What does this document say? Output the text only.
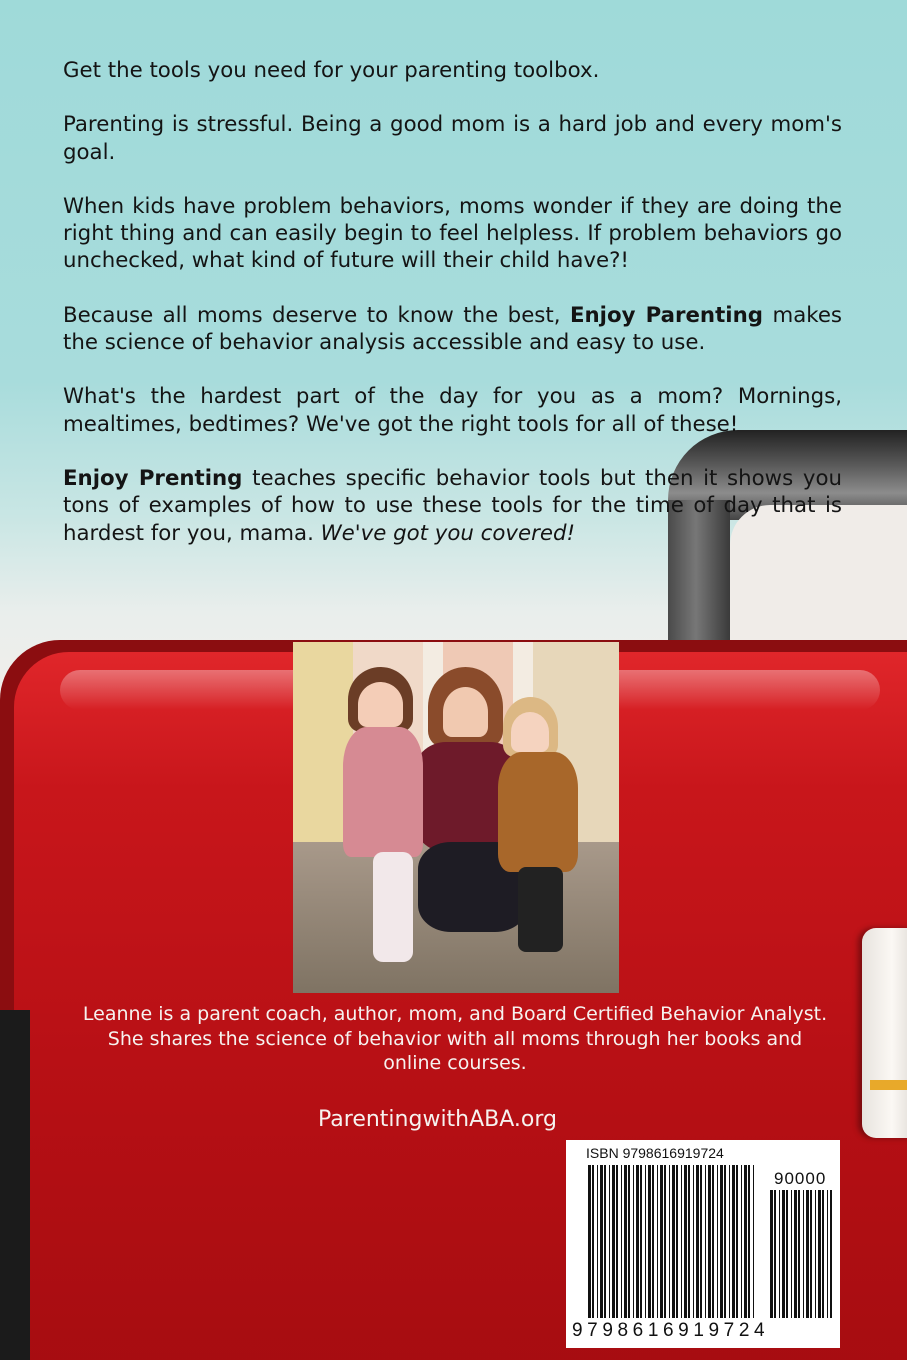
Get the tools you need for your parenting toolbox.

Parenting is stressful. Being a good mom is a hard job and every mom's goal.

When kids have problem behaviors, moms wonder if they are doing the right thing and can easily begin to feel helpless. If problem behaviors go unchecked, what kind of future will their child have?!

Because all moms deserve to know the best, Enjoy Parenting makes the science of behavior analysis accessible and easy to use.

What's the hardest part of the day for you as a mom? Mornings, mealtimes, bedtimes? We've got the right tools for all of these!

Enjoy Prenting teaches specific behavior tools but then it shows you tons of examples of how to use these tools for the time of day that is hardest for you, mama. We've got you covered!

Leanne is a parent coach, author, mom, and Board Certified Behavior Analyst. She shares the science of behavior with all moms through her books and online courses.
ParentingwithABA.org
ISBN 9798616919724
90000
9798616919724
